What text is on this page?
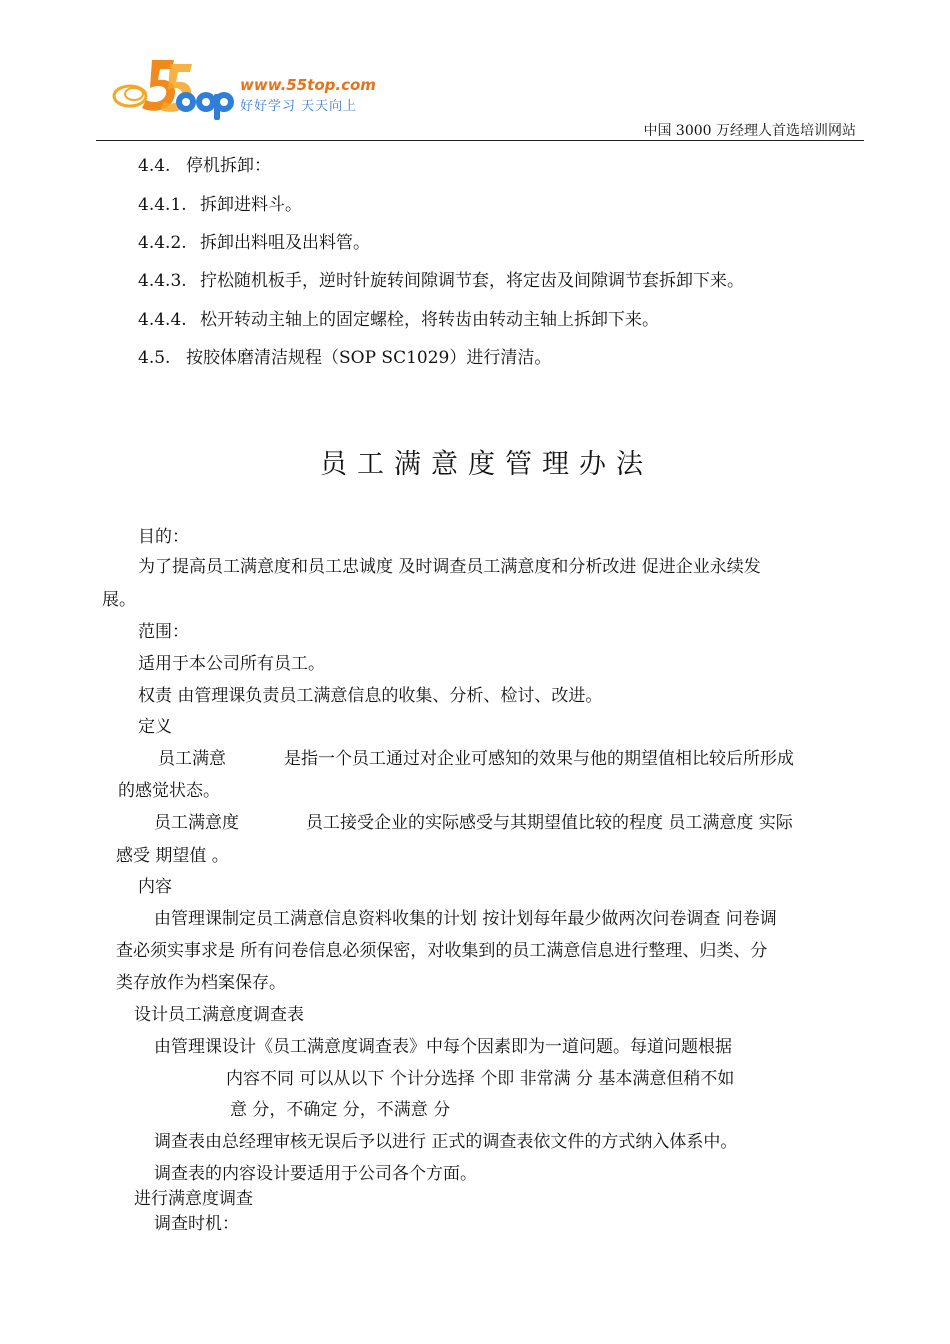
www.55top.com
好好学习 天天向上
中国 3000 万经理人首选培训网站
4.4. 停机拆卸：
4.4.1. 拆卸进料斗。
4.4.2. 拆卸出料咀及出料管。
4.4.3. 拧松随机板手，逆时针旋转间隙调节套，将定齿及间隙调节套拆卸下来。
4.4.4. 松开转动主轴上的固定螺栓，将转齿由转动主轴上拆卸下来。
4.5. 按胶体磨清洁规程（SOP SC1029）进行清洁。
员工满意度管理办法
目的：
为了提高员工满意度和员工忠诚度 及时调查员工满意度和分析改进 促进企业永续发
展。
范围：
适用于本公司所有员工。
权责 由管理课负责员工满意信息的收集、分析、检讨、改进。
定义
员工满意	是指一个员工通过对企业可感知的效果与他的期望值相比较后所形成
的感觉状态。
员工满意度	员工接受企业的实际感受与其期望值比较的程度 员工满意度 实际
感受 期望值 。
内容
由管理课制定员工满意信息资料收集的计划 按计划每年最少做两次问卷调查 问卷调
查必须实事求是 所有问卷信息必须保密，对收集到的员工满意信息进行整理、归类、分
类存放作为档案保存。
设计员工满意度调查表
由管理课设计《员工满意度调查表》中每个因素即为一道问题。每道问题根据
内容不同 可以从以下 个计分选择 个即 非常满 分 基本满意但稍不如
意 分，不确定 分，不满意 分
调查表由总经理审核无误后予以进行 正式的调查表依文件的方式纳入体系中。
调查表的内容设计要适用于公司各个方面。
进行满意度调查
调查时机：
